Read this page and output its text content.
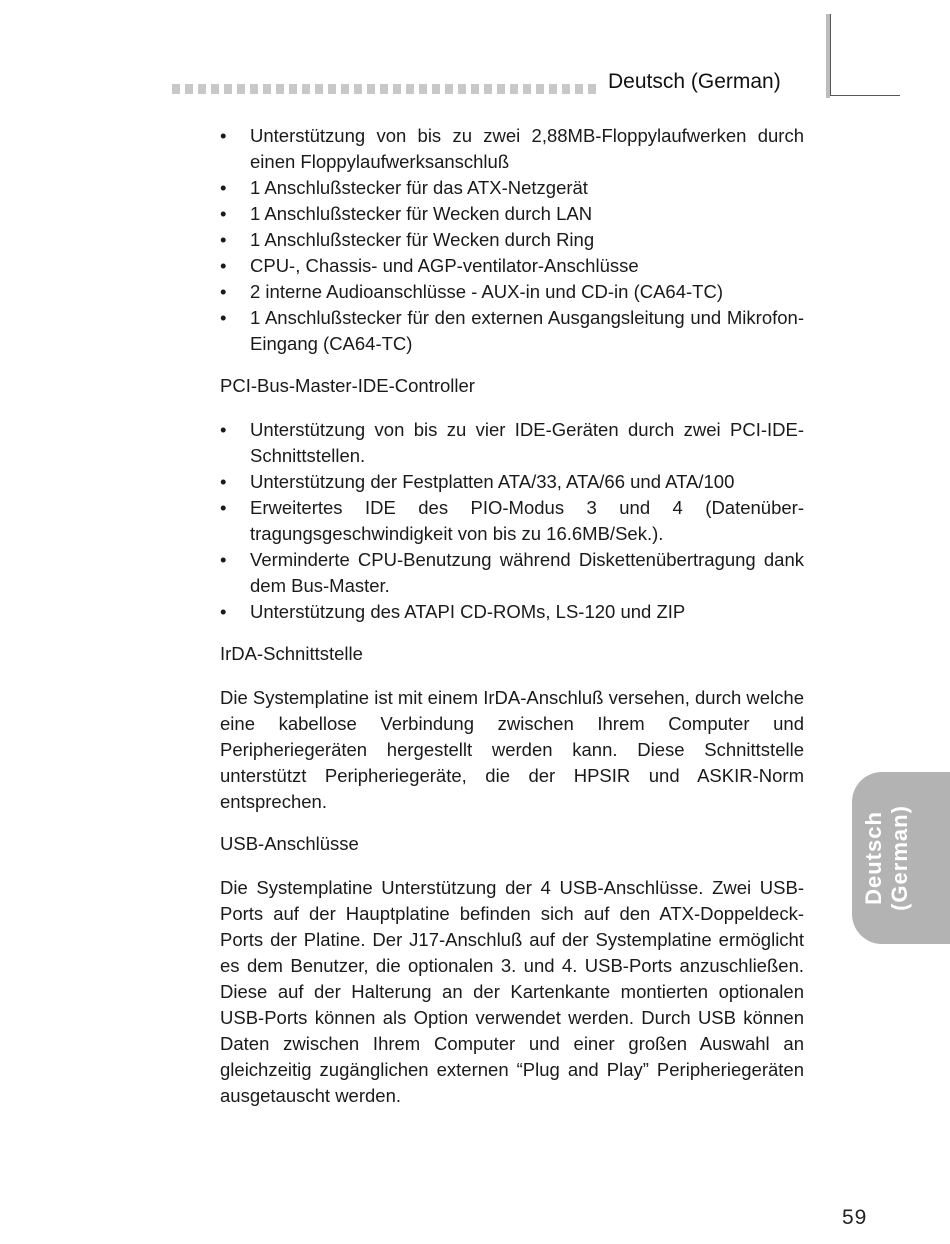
Deutsch (German)
Deutsch (German)
• Unterstützung von bis zu zwei 2,88MB-Floppylaufwerken durch einen Floppylaufwerksanschluß
• 1 Anschlußstecker für das ATX-Netzgerät
• 1 Anschlußstecker für Wecken durch LAN
• 1 Anschlußstecker für Wecken durch Ring
• CPU-, Chassis- und AGP-ventilator-Anschlüsse
• 2 interne Audioanschlüsse - AUX-in und CD-in (CA64-TC)
• 1 Anschlußstecker für den externen Ausgangsleitung und Mikrofon-Eingang (CA64-TC)
PCI-Bus-Master-IDE-Controller
• Unterstützung von bis zu vier IDE-Geräten durch zwei PCI-IDE-Schnittstellen.
• Unterstützung der Festplatten ATA/33, ATA/66 und ATA/100
• Erweitertes IDE des PIO-Modus 3 und 4 (Datenüber-tragungsgeschwindigkeit von bis zu 16.6MB/Sek.).
• Verminderte CPU-Benutzung während Diskettenübertragung dank dem Bus-Master.
• Unterstützung des ATAPI CD-ROMs, LS-120 und ZIP
IrDA-Schnittstelle

Die Systemplatine ist mit einem IrDA-Anschluß versehen, durch welche eine kabellose Verbindung zwischen Ihrem Computer und Peripheriegeräten hergestellt werden kann. Diese Schnittstelle unterstützt Peripheriegeräte, die der HPSIR und ASKIR-Norm entsprechen.

USB-Anschlüsse

Die Systemplatine Unterstützung der 4 USB-Anschlüsse. Zwei USB-Ports auf der Hauptplatine befinden sich auf den ATX-Doppeldeck-Ports der Platine. Der J17-Anschluß auf der Systemplatine ermöglicht es dem Benutzer, die optionalen 3. und 4. USB-Ports anzuschließen. Diese auf der Halterung an der Kartenkante montierten optionalen USB-Ports können als Option verwendet werden. Durch USB können Daten zwischen Ihrem Computer und einer großen Auswahl an gleichzeitig zugänglichen externen “Plug and Play” Peripheriegeräten ausgetauscht werden.

59
